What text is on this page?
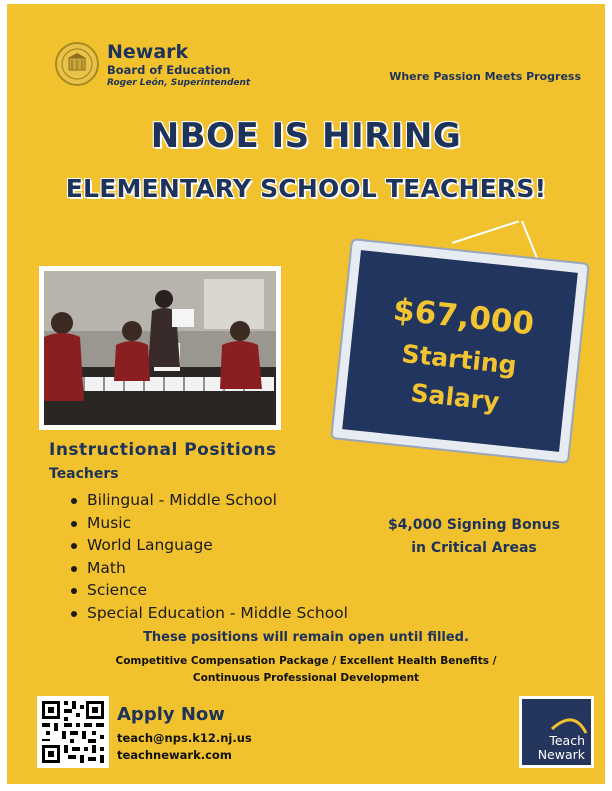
Newark
Board of Education
Roger León, Superintendent	Where Passion Meets Progress
NBOE IS HIRING
ELEMENTARY SCHOOL TEACHERS!
$67,000
Starting
Salary
Instructional Positions
Teachers
Bilingual - Middle School
Music
World Language
Math
Science
Special Education - Middle School
$4,000 Signing Bonus
in Critical Areas
These positions will remain open until filled.
Competitive Compensation Package / Excellent Health Benefits /
Continuous Professional Development
Apply Now
teach@nps.k12.nj.us
teachnewark.com
Teach
Newark
